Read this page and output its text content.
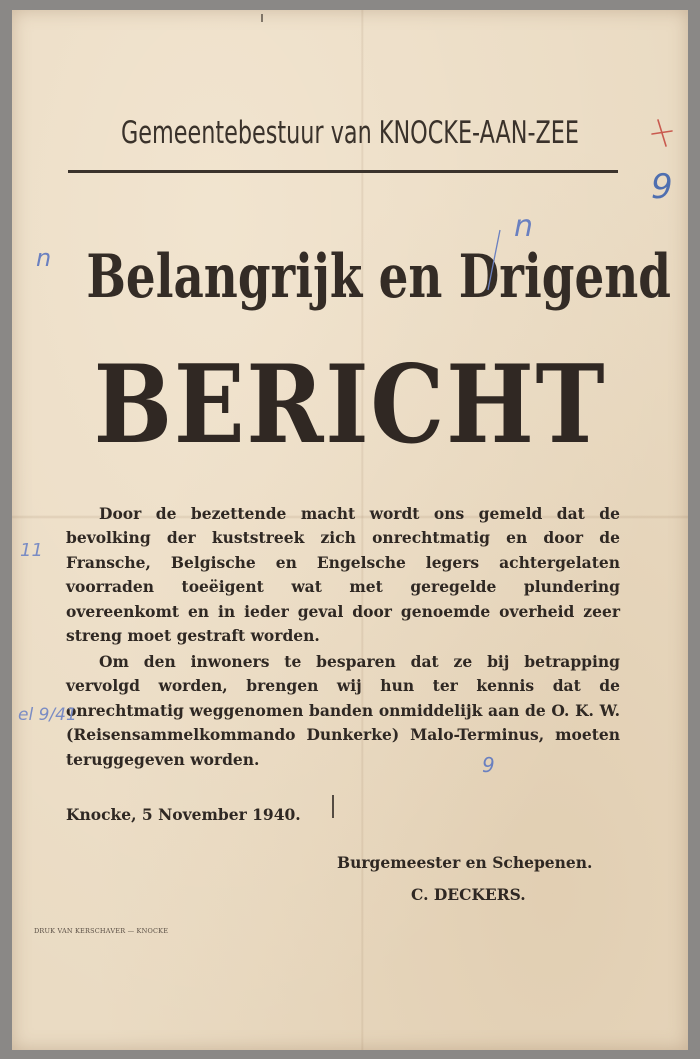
Gemeentebestuur van KNOCKE-AAN-ZEE
Belangrijk en Drigend
BERICHT
Door de bezettende macht wordt ons gemeld dat de bevolking der kuststreek zich onrechtmatig en door de Fransche, Belgische en Engelsche legers achtergelaten voorraden toeëigent wat met geregelde plundering overeenkomt en in ieder geval door genoemde overheid zeer streng moet gestraft worden.
Om den inwoners te besparen dat ze bij betrapping vervolgd worden, brengen wij hun ter kennis dat de onrechtmatig weggenomen banden onmiddelijk aan de O. K. W. (Reisensammelkommando Dunkerke) Malo-Terminus, moeten teruggegeven worden.
Knocke, 5 November 1940.
Burgemeester en Schepenen.
C. DECKERS.
DRUK VAN KERSCHAVER — KNOCKE
9
n
n
11
el 9/41
9
